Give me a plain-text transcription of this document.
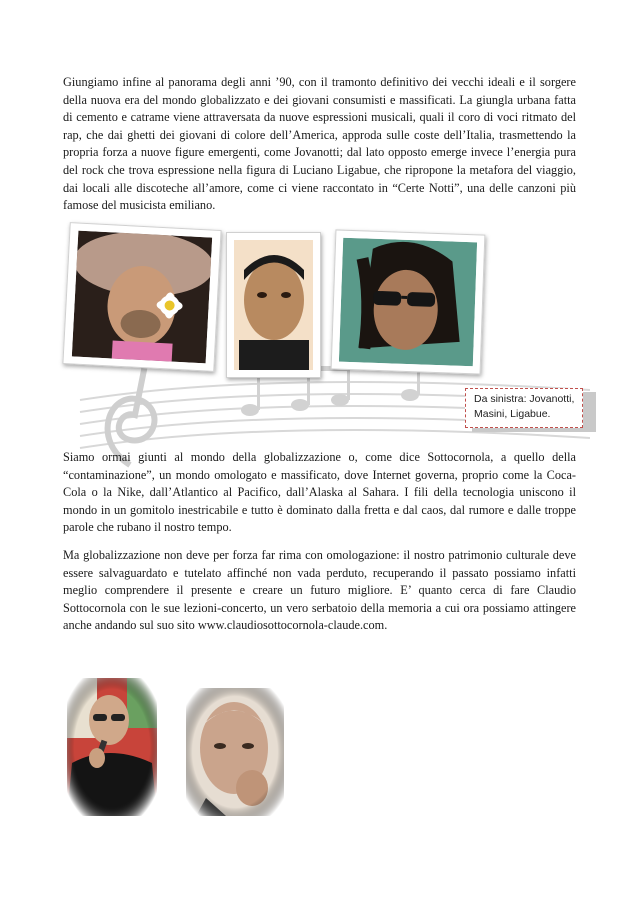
Giungiamo infine al panorama degli anni ’90, con il tramonto definitivo dei vecchi ideali e il sorgere della nuova era del mondo globalizzato e dei giovani consumisti e massificati. La giungla urbana fatta di cemento e catrame viene attraversata da nuove espressioni musicali, quali il coro di voci ritmato del rap, che dai ghetti dei giovani di colore dell’America, approda sulle coste dell’Italia, trasmettendo la propria forza a nuove figure emergenti, come Jovanotti; dal lato opposto emerge invece l’energia pura del rock che trova espressione nella figura di Luciano Ligabue, che ripropone la metafora del viaggio, dai locali alle discoteche all’amore, come ci viene raccontato in “Certe Notti”, una delle canzoni più famose del musicista emiliano.

Da sinistra: Jovanotti,
Masini, Ligabue.

Siamo ormai giunti al mondo della globalizzazione o, come dice Sottocornola, a quello della “contaminazione”, un mondo omologato e massificato, dove Internet governa, proprio come la Coca-Cola o la Nike, dall’Atlantico al Pacifico, dall’Alaska al Sahara. I fili della tecnologia uniscono il mondo in un gomitolo inestricabile e tutto è dominato dalla fretta e dal caos, dal rumore e dalle troppe parole che rubano il nostro tempo.

Ma globalizzazione non deve per forza far rima con omologazione: il nostro patrimonio culturale deve essere salvaguardato e tutelato affinché non vada perduto, recuperando il passato possiamo infatti meglio comprendere il presente e creare un futuro migliore. E’ quanto cerca di fare Claudio Sottocornola con le sue lezioni-concerto, un vero serbatoio della memoria a cui ora possiamo attingere anche andando sul suo sito www.claudiosottocornola-claude.com.
